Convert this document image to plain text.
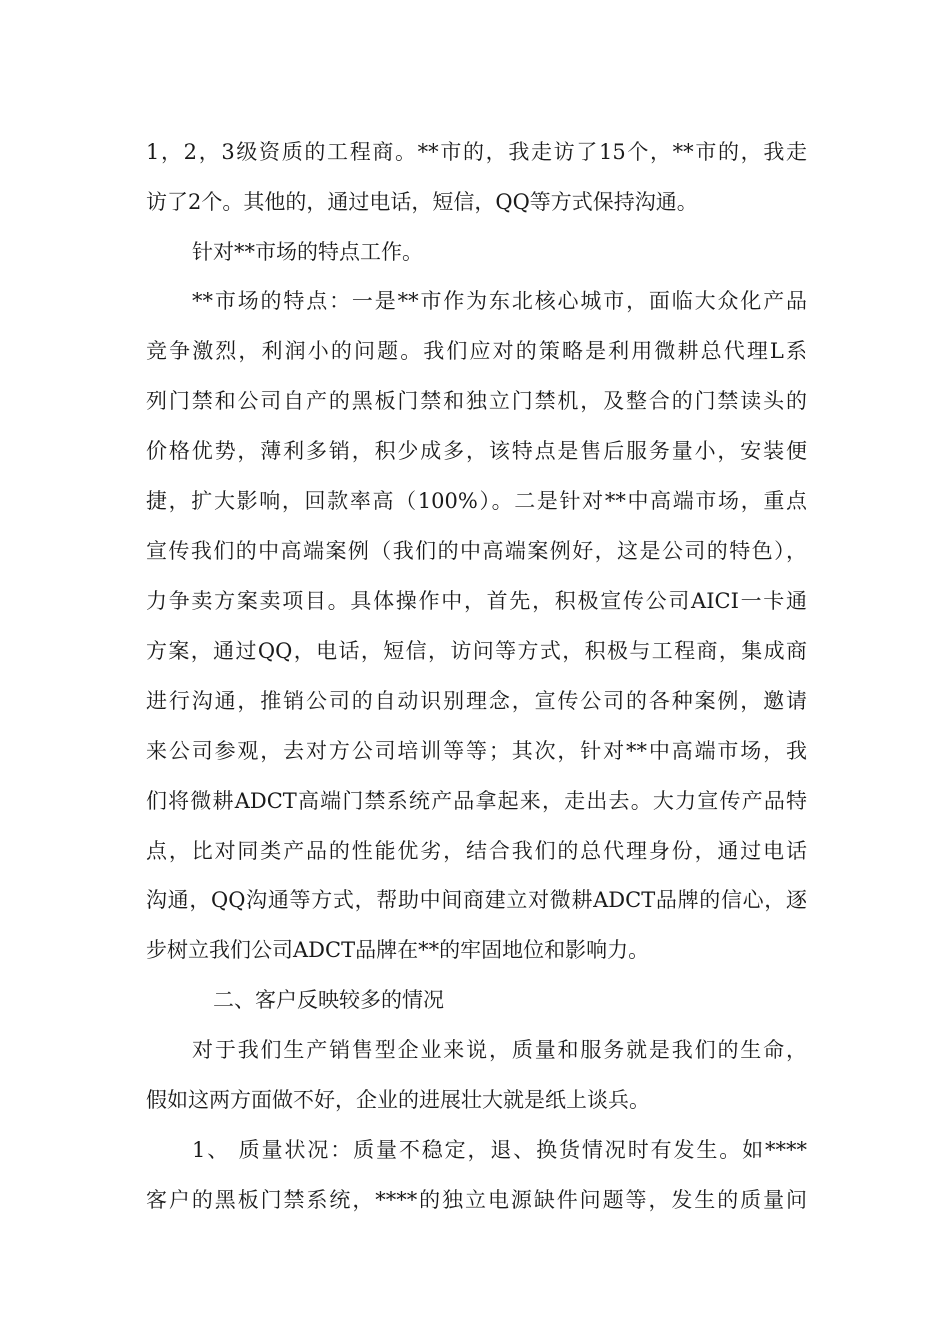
1，2，3级资质的工程商。**市的，我走访了15个，**市的，我走

访了2个。其他的，通过电话，短信，QQ等方式保持沟通。

针对**市场的特点工作。

**市场的特点：一是**市作为东北核心城市，面临大众化产品

竞争激烈，利润小的问题。我们应对的策略是利用微耕总代理L系

列门禁和公司自产的黑板门禁和独立门禁机，及整合的门禁读头的

价格优势，薄利多销，积少成多，该特点是售后服务量小，安装便

捷，扩大影响，回款率高（100%）。二是针对**中高端市场，重点

宣传我们的中高端案例（我们的中高端案例好，这是公司的特色），

力争卖方案卖项目。具体操作中，首先，积极宣传公司AICI一卡通

方案，通过QQ，电话，短信，访问等方式，积极与工程商，集成商

进行沟通，推销公司的自动识别理念，宣传公司的各种案例，邀请

来公司参观，去对方公司培训等等；其次，针对**中高端市场，我

们将微耕ADCT高端门禁系统产品拿起来，走出去。大力宣传产品特

点，比对同类产品的性能优劣，结合我们的总代理身份，通过电话

沟通，QQ沟通等方式，帮助中间商建立对微耕ADCT品牌的信心，逐

步树立我们公司ADCT品牌在**的牢固地位和影响力。

二、客户反映较多的情况

对于我们生产销售型企业来说，质量和服务就是我们的生命，

假如这两方面做不好，企业的进展壮大就是纸上谈兵。

1、 质量状况：质量不稳定，退、换货情况时有发生。如****

客户的黑板门禁系统，****的独立电源缺件问题等，发生的质量问
